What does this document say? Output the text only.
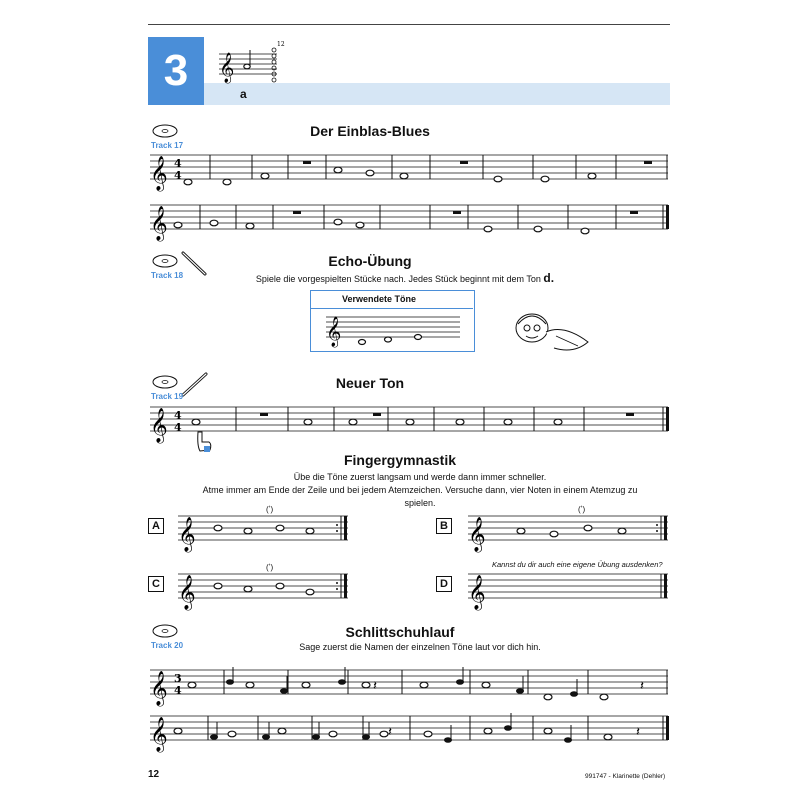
3	𝄞
12
a
Track 17
Der Einblas-Blues
𝄞 4
4
𝄞
Track 18
Echo-Übung
Spiele die vorgespielten Stücke nach. Jedes Stück beginnt mit dem Ton d.
Verwendete Töne
𝄞
Track 19
Neuer Ton
𝄞 4
4
Fingergymnastik
Übe die Töne zuerst langsam und werde dann immer schneller.
Atme immer am Ende der Zeile und bei jedem Atemzeichen. Versuche dann, vier Noten in einem Atemzug zu spielen.
A
C
B
D
𝄞
(ʼ)
𝄞
(ʼ)
𝄞
(ʼ)
𝄞
Kannst du dir auch eine eigene Übung ausdenken?
Track 20
Schlittschuhlauf
Sage zuerst die Namen der einzelnen Töne laut vor dich hin.
𝄞 3
4
𝄞
𝄽	𝄽
𝄽	𝄽
12	991747 - Klarinette (Dehler)
